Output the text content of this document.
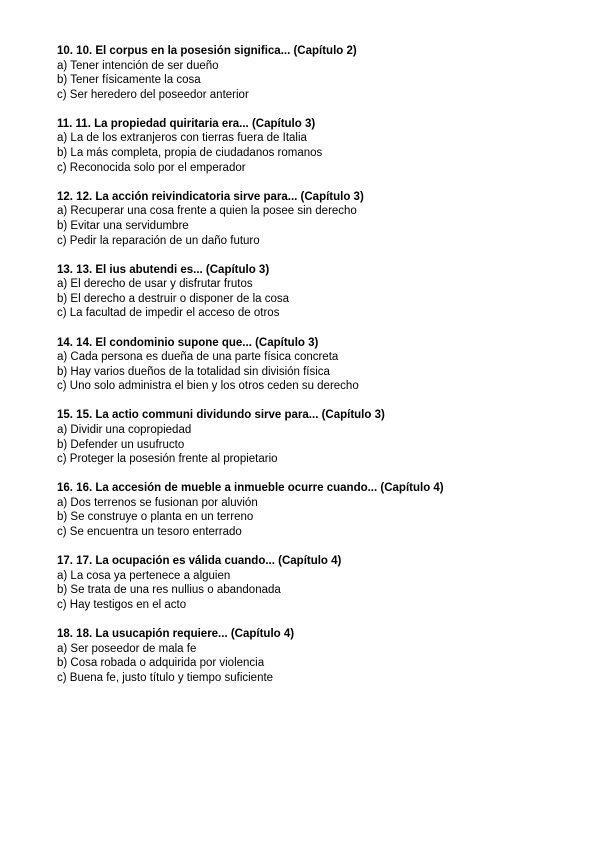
10. 10. El corpus en la posesión significa... (Capítulo 2)
a) Tener intención de ser dueño
b) Tener físicamente la cosa
c) Ser heredero del poseedor anterior
11. 11. La propiedad quiritaria era... (Capítulo 3)
a) La de los extranjeros con tierras fuera de Italia
b) La más completa, propia de ciudadanos romanos
c) Reconocida solo por el emperador
12. 12. La acción reivindicatoria sirve para... (Capítulo 3)
a) Recuperar una cosa frente a quien la posee sin derecho
b) Evitar una servidumbre
c) Pedir la reparación de un daño futuro
13. 13. El ius abutendi es... (Capítulo 3)
a) El derecho de usar y disfrutar frutos
b) El derecho a destruir o disponer de la cosa
c) La facultad de impedir el acceso de otros
14. 14. El condominio supone que... (Capítulo 3)
a) Cada persona es dueña de una parte física concreta
b) Hay varios dueños de la totalidad sin división física
c) Uno solo administra el bien y los otros ceden su derecho
15. 15. La actio communi dividundo sirve para... (Capítulo 3)
a) Dividir una copropiedad
b) Defender un usufructo
c) Proteger la posesión frente al propietario
16. 16. La accesión de mueble a inmueble ocurre cuando... (Capítulo 4)
a) Dos terrenos se fusionan por aluvión
b) Se construye o planta en un terreno
c) Se encuentra un tesoro enterrado
17. 17. La ocupación es válida cuando... (Capítulo 4)
a) La cosa ya pertenece a alguien
b) Se trata de una res nullius o abandonada
c) Hay testigos en el acto
18. 18. La usucapión requiere... (Capítulo 4)
a) Ser poseedor de mala fe
b) Cosa robada o adquirida por violencia
c) Buena fe, justo título y tiempo suficiente
